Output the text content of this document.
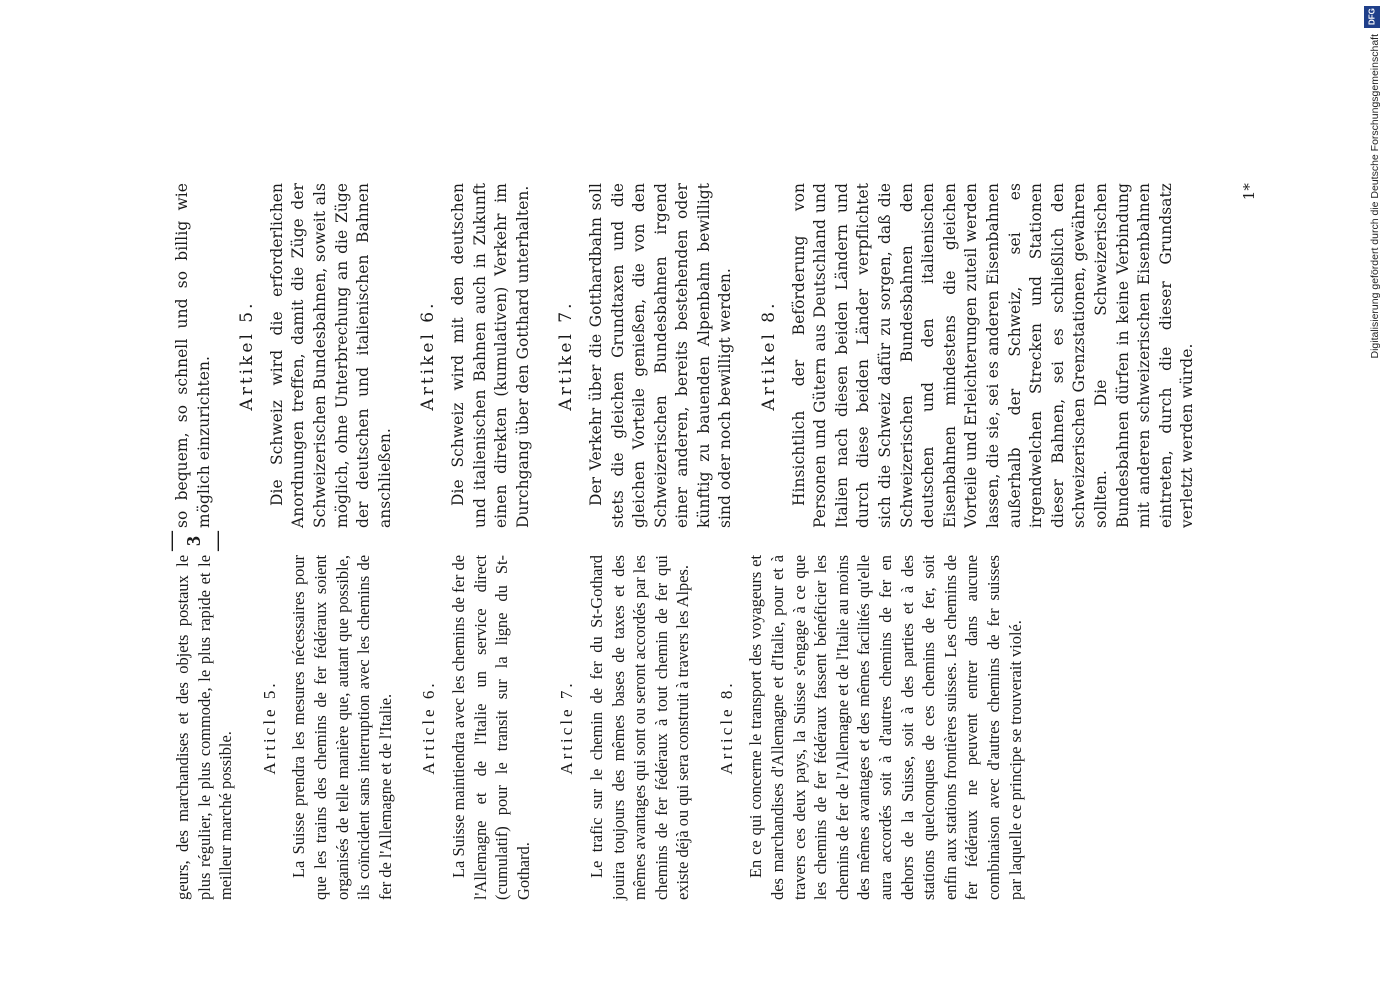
— 3 —

geurs, des marchandises et des objets postaux le plus régulier, le plus commode, le plus rapide et le meilleur marché possible.

Article 5. La Suisse prendra les mesures nécessaires pour que les trains des chemins de fer fédéraux soient organisés de telle manière que, autant que possible, ils coïncident sans interruption avec les chemins de fer de l'Allemagne et de l'Italie. Article 6. La Suisse maintiendra avec les chemins de fer de l'Allemagne et de l'Italie un service direct (cumulatif) pour le transit sur la ligne du St-Gothard.

Article 7. Le trafic sur le chemin de fer du St-Gothard jouira toujours des mêmes bases de taxes et des mêmes avantages qui sont ou seront accordés par les chemins de fer fédéraux à tout chemin de fer qui existe déjà ou qui sera construit à travers les Alpes. Article 8. En ce qui concerne le transport des voyageurs et des marchandises d'Allemagne et d'Italie, pour et à travers ces deux pays, la Suisse s'engage à ce que les chemins de fer fédéraux fassent bénéficier les chemins de fer de l'Allemagne et de l'Italie au moins des mêmes avantages et des mêmes facilités qu'elle aura accordés soit à d'autres chemins de fer en dehors de la Suisse, soit à des parties et à des stations quelconques de ces chemins de fer, soit enfin aux stations frontières suisses. Les chemins de fer fédéraux ne peuvent entrer dans aucune combinaison avec d'autres chemins de fer suisses par laquelle ce principe se trouverait violé.

so bequem, so schnell und so billig wie möglich einzurichten.

Artikel 5. Die Schweiz wird die erforderlichen Anordnungen treffen, damit die Züge der Schweizerischen Bundesbahnen, soweit als möglich, ohne Unterbrechung an die Züge der deutschen und italienischen Bahnen anschließen.

Artikel 6. Die Schweiz wird mit den deutschen und italienischen Bahnen auch in Zukunft einen direkten (kumulativen) Verkehr im Durchgang über den Gotthard unterhalten. Artikel 7. Der Verkehr über die Gotthardbahn soll stets die gleichen Grundtaxen und die gleichen Vorteile genießen, die von den Schweizerischen Bundesbahnen irgend einer anderen, bereits bestehenden oder künftig zu bauenden Alpenbahn bewilligt sind oder noch bewilligt werden. Artikel 8. Hinsichtlich der Beförderung von Personen und Gütern aus Deutschland und Italien nach diesen beiden Ländern und durch diese beiden Länder verpflichtet sich die Schweiz dafür zu sorgen, daß die Schweizerischen Bundesbahnen den deutschen und den italienischen Eisenbahnen mindestens die gleichen Vorteile und Erleichterungen zuteil werden lassen, die sie, sei es anderen Eisenbahnen außerhalb der Schweiz, sei es irgendwelchen Strecken und Stationen dieser Bahnen, sei es schließlich den schweizerischen Grenzstationen, gewähren sollten. Die Schweizerischen Bundesbahnen dürfen in keine Verbindung mit anderen schweizerischen Eisenbahnen eintreten, durch die dieser Grundsatz verletzt werden würde.

1*
DFG
Digitalisierung gefördert durch die Deutsche Forschungsgemeinschaft
